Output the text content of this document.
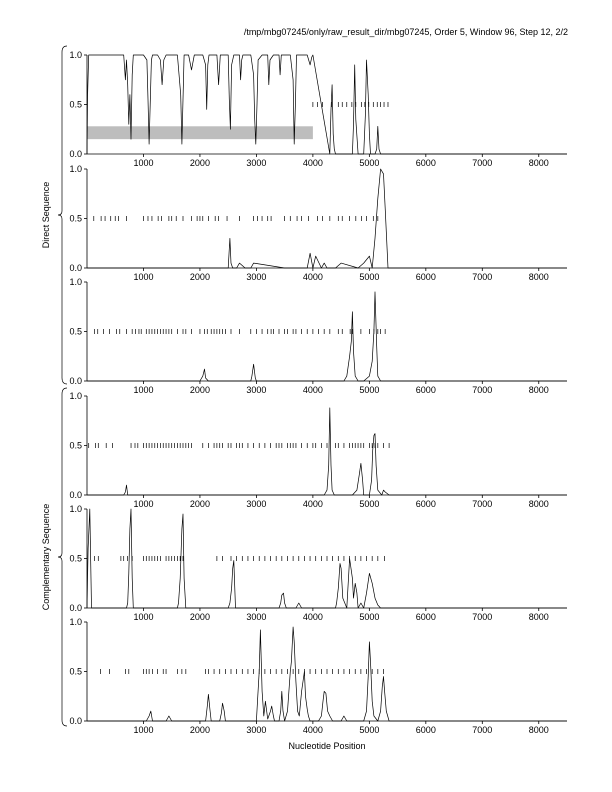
/tmp/mbg07245/only/raw_result_dir/mbg07245, Order 5, Window 96, Step 12, 2/2
0.0
0.5
1.0
1000	2000	3000	4000	5000	6000	7000	8000
0.0
0.5
1.0
1000	2000	3000	4000	5000	6000	7000	8000
0.0
0.5
1.0
1000	2000	3000	4000	5000	6000	7000	8000
0.0
0.5
1.0
1000	2000	3000	4000	5000	6000	7000	8000
0.0
0.5
1.0
1000	2000	3000	4000	5000	6000	7000	8000
0.0
0.5
1.0
1000	2000	3000	4000	5000	6000	7000	8000
Direct Sequence
Complementary Sequence
Nucleotide Position
